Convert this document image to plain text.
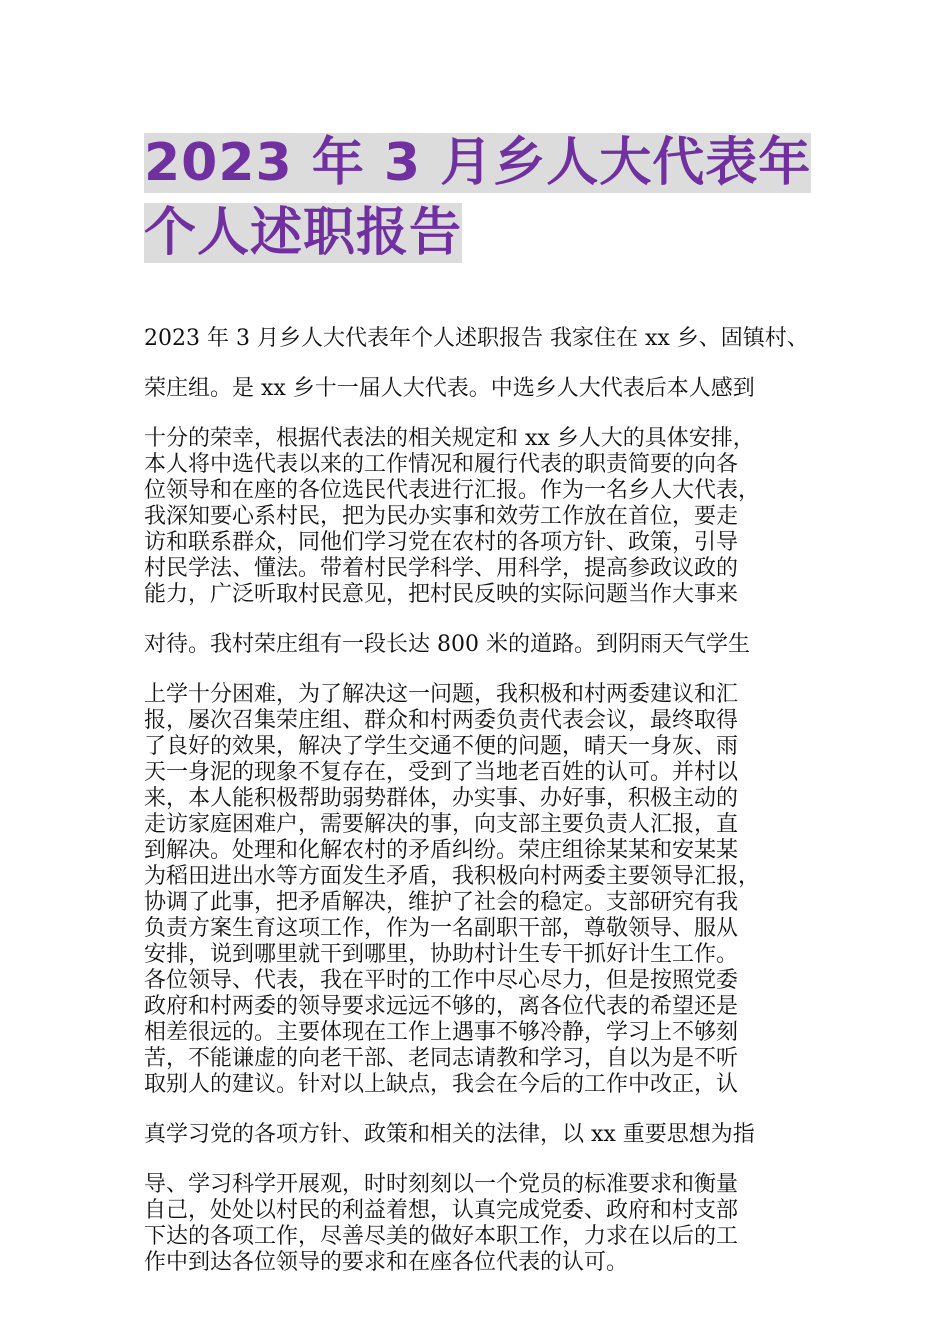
2023 年 3 月乡人大代表年
个人述职报告
2023 年 3 月乡人大代表年个人述职报告 我家住在 xx 乡、固镇村、
荣庄组。是 xx 乡十一届人大代表。中选乡人大代表后本人感到
十分的荣幸，根据代表法的相关规定和 xx 乡人大的具体安排，
本人将中选代表以来的工作情况和履行代表的职责简要的向各
位领导和在座的各位选民代表进行汇报。作为一名乡人大代表，
我深知要心系村民，把为民办实事和效劳工作放在首位，要走
访和联系群众，同他们学习党在农村的各项方针、政策，引导
村民学法、懂法。带着村民学科学、用科学，提高参政议政的
能力，广泛听取村民意见，把村民反映的实际问题当作大事来
对待。我村荣庄组有一段长达 800 米的道路。到阴雨天气学生
上学十分困难，为了解决这一问题，我积极和村两委建议和汇
报，屡次召集荣庄组、群众和村两委负责代表会议，最终取得
了良好的效果，解决了学生交通不便的问题，晴天一身灰、雨
天一身泥的现象不复存在，受到了当地老百姓的认可。并村以
来，本人能积极帮助弱势群体，办实事、办好事，积极主动的
走访家庭困难户，需要解决的事，向支部主要负责人汇报，直
到解决。处理和化解农村的矛盾纠纷。荣庄组徐某某和安某某
为稻田进出水等方面发生矛盾，我积极向村两委主要领导汇报，
协调了此事，把矛盾解决，维护了社会的稳定。支部研究有我
负责方案生育这项工作，作为一名副职干部，尊敬领导、服从
安排，说到哪里就干到哪里，协助村计生专干抓好计生工作。
各位领导、代表，我在平时的工作中尽心尽力，但是按照党委
政府和村两委的领导要求远远不够的，离各位代表的希望还是
相差很远的。主要体现在工作上遇事不够冷静，学习上不够刻
苦，不能谦虚的向老干部、老同志请教和学习，自以为是不听
取别人的建议。针对以上缺点，我会在今后的工作中改正，认
真学习党的各项方针、政策和相关的法律，以 xx 重要思想为指
导、学习科学开展观，时时刻刻以一个党员的标准要求和衡量
自己，处处以村民的利益着想，认真完成党委、政府和村支部
下达的各项工作，尽善尽美的做好本职工作，力求在以后的工
作中到达各位领导的要求和在座各位代表的认可。
